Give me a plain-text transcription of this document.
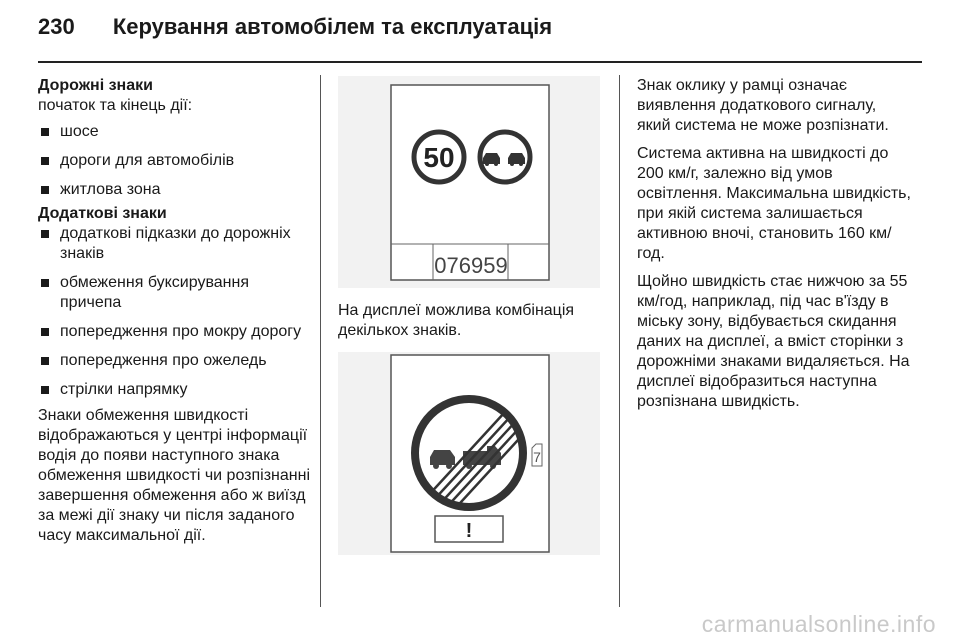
230 Керування автомобілем та експлуатація
Дорожні знаки
початок та кінець дії:
шосе
дороги для автомобілів
житлова зона
Додаткові знаки
додаткові підказки до дорожніх знаків
обмеження буксирування причепа
попередження про мокру дорогу
попередження про ожеледь
стрілки напрямку

Знаки обмеження швидкості відображаються у центрі інформації водія до появи наступного знака обмеження швидкості чи розпізнанні завершення обмеження або ж виїзд за межі дії знаку чи після заданого часу максимальної дії.

50
076959
На дисплеї можлива комбінація декількох знаків.
7
!

Знак оклику у рамці означає виявлення додаткового сигналу, який система не може розпізнати.

Система активна на швидкості до 200 км/г, залежно від умов освітлення. Максимальна швидкість, при якій система залишається активною вночі, становить 160 км/год.

Щойно швидкість стає нижчою за 55 км/год, наприклад, під час в'їзду в міську зону, відбувається скидання даних на дисплеї, а вміст сторінки з дорожніми знаками видаляється. На дисплеї відобразиться наступна розпізнана швидкість.

carmanualsonline.info
